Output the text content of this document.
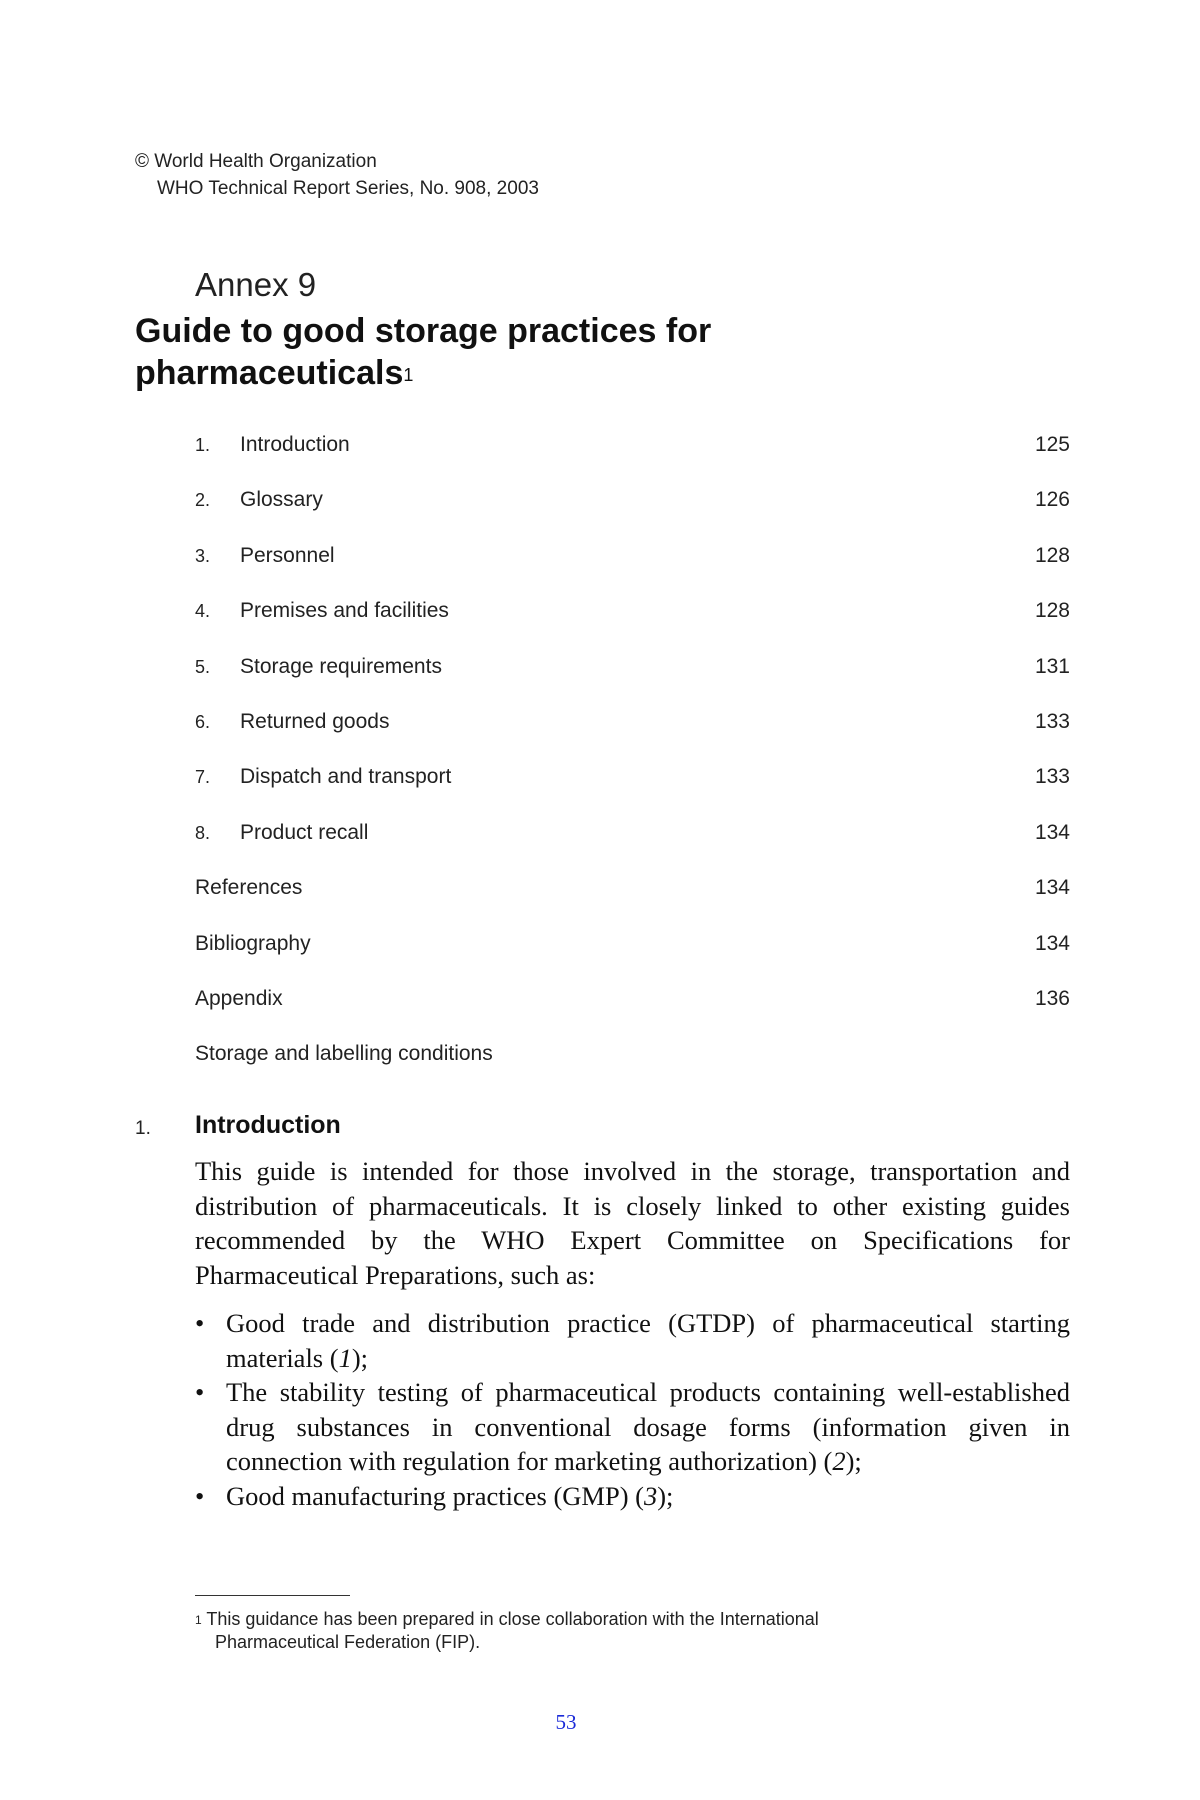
© World Health Organization
WHO Technical Report Series, No. 908, 2003
Annex 9
Guide to good storage practices for
pharmaceuticals$^1$
1. Introduction	125
2. Glossary	126
3. Personnel	128
4. Premises and facilities	128
5. Storage requirements	131
6. Returned goods	133
7. Dispatch and transport	133
8. Product recall	134
References	134
Bibliography	134
Appendix	136
Storage and labelling conditions
1. Introduction

This guide is intended for those involved in the storage, transportation and distribution of pharmaceuticals. It is closely linked to other existing guides recommended by the WHO Expert Committee on Specifications for Pharmaceutical Preparations, such as:

• Good trade and distribution practice (GTDP) of pharmaceutical starting materials (1);
• The stability testing of pharmaceutical products containing well-established drug substances in conventional dosage forms (information given in connection with regulation for marketing authorization) (2);
• Good manufacturing practices (GMP) (3);
$^1$ This guidance has been prepared in close collaboration with the International
Pharmaceutical Federation (FIP).
53
